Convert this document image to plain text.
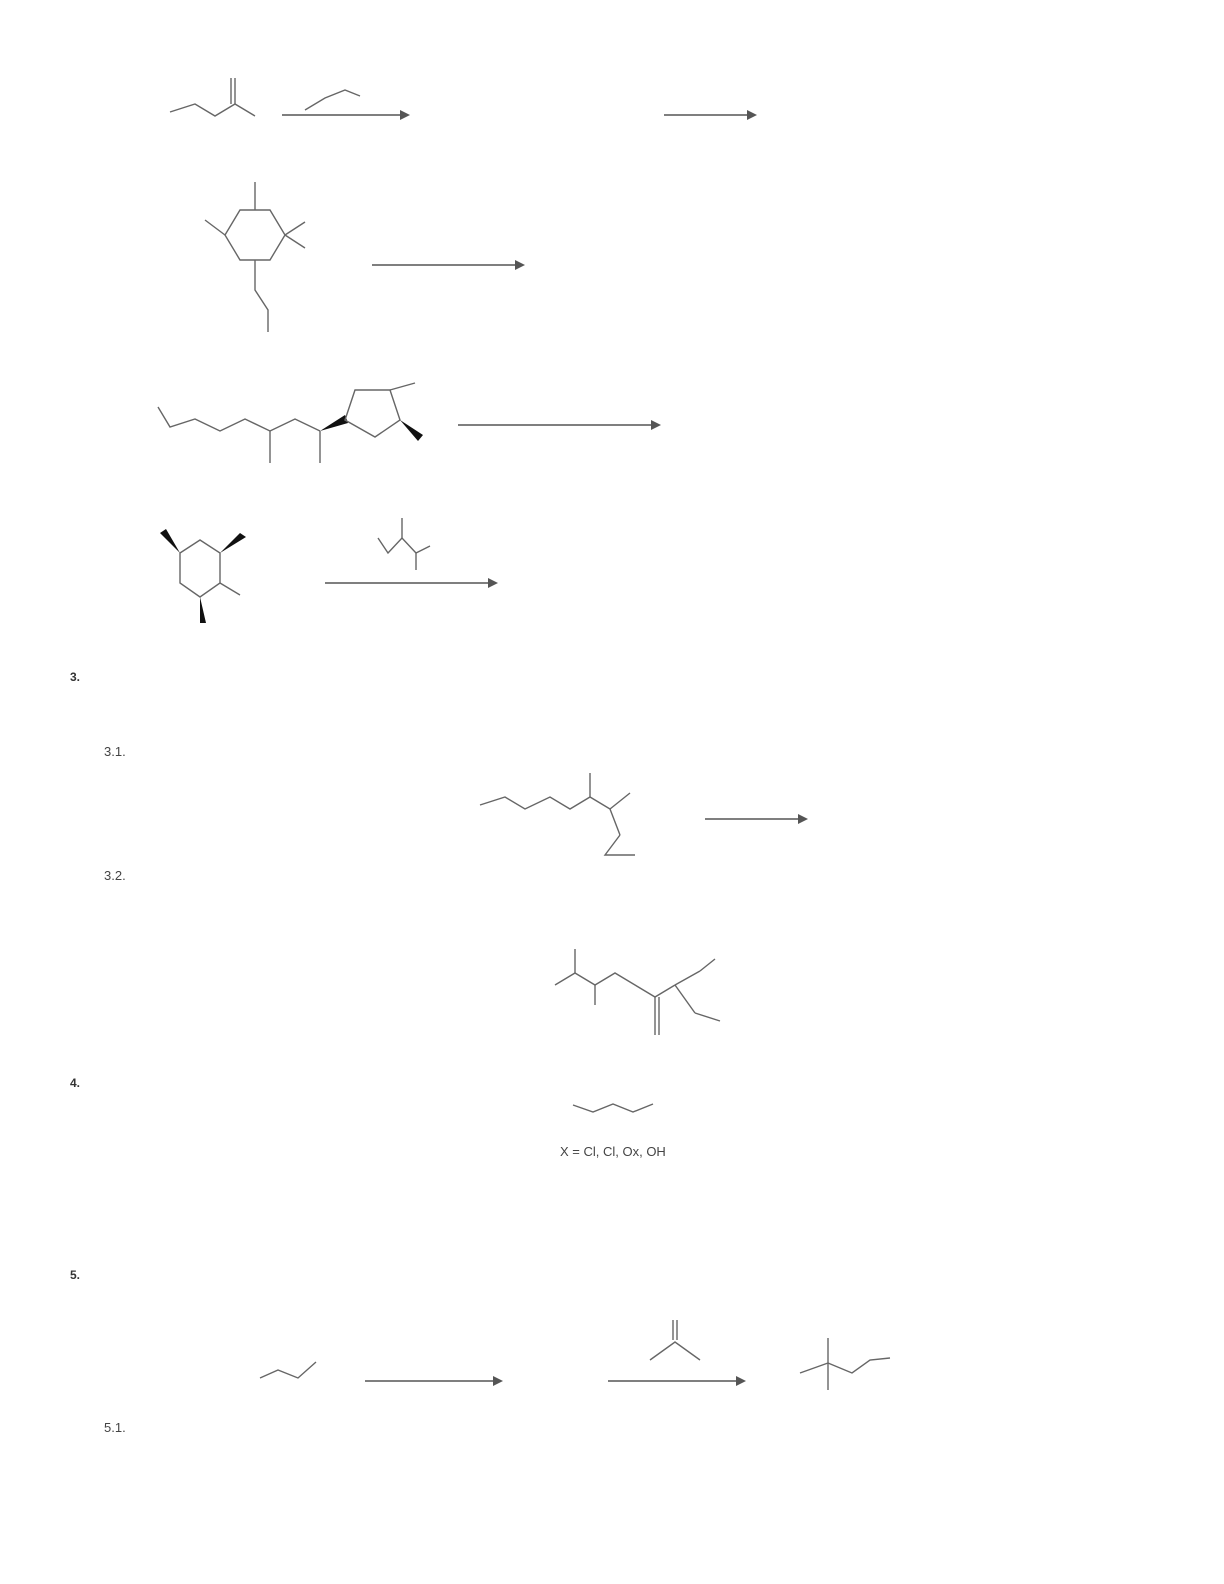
3.
3.1.
3.2.
4.
X = Cl, Cl, Ox, OH
5.
5.1.
